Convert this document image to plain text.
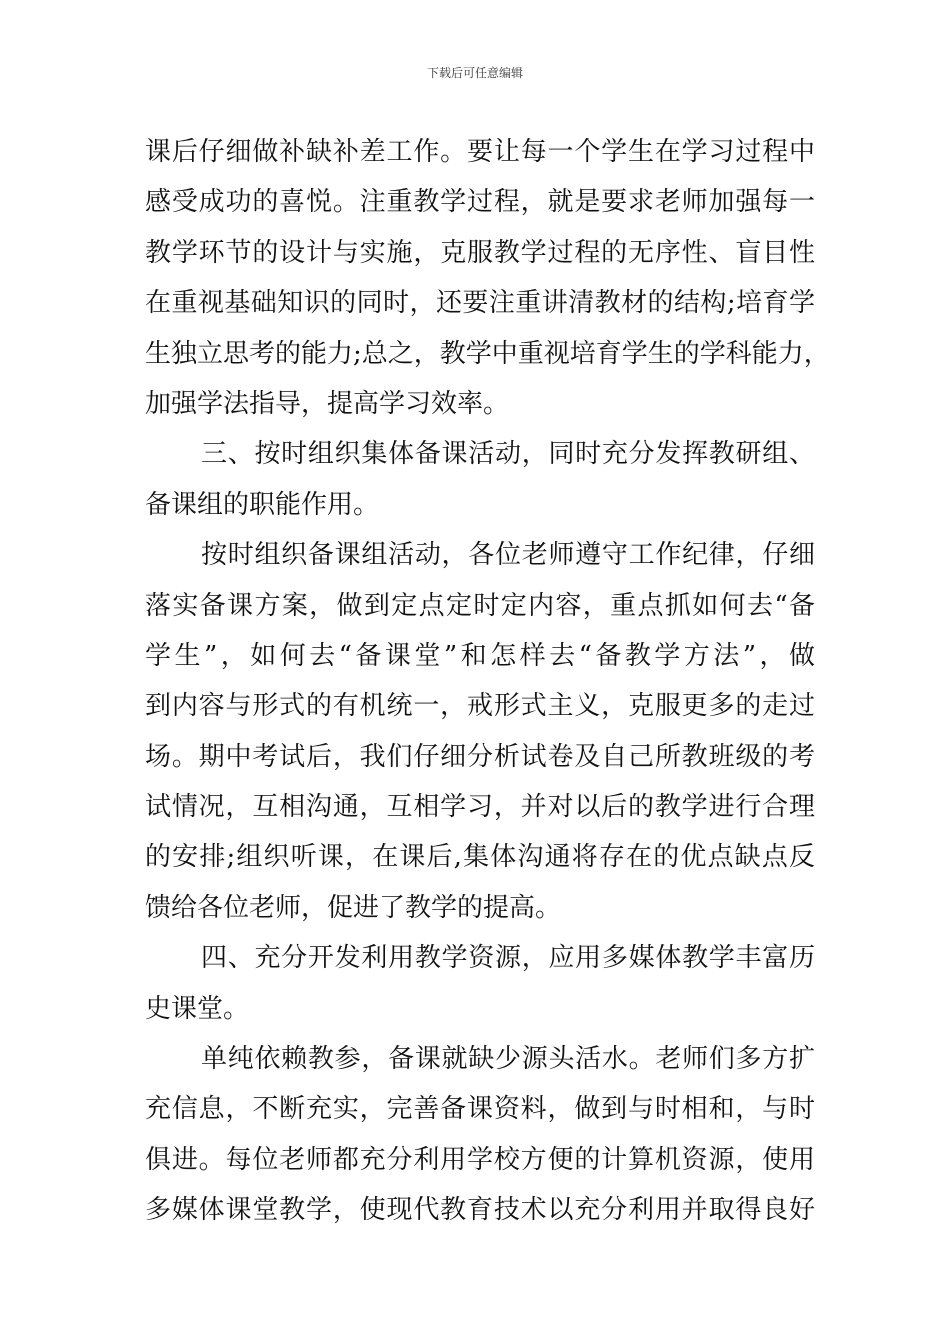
下载后可任意编辑
课后仔细做补缺补差工作。要让每一个学生在学习过程中
感受成功的喜悦。注重教学过程，就是要求老师加强每一
教学环节的设计与实施，克服教学过程的无序性、盲目性
在重视基础知识的同时，还要注重讲清教材的结构;培育学
生独立思考的能力;总之，教学中重视培育学生的学科能力，
加强学法指导，提高学习效率。
三、按时组织集体备课活动，同时充分发挥教研组、
备课组的职能作用。
按时组织备课组活动，各位老师遵守工作纪律，仔细
落实备课方案，做到定点定时定内容，重点抓如何去“备
学生”，如何去“备课堂”和怎样去“备教学方法”，做
到内容与形式的有机统一，戒形式主义，克服更多的走过
场。期中考试后，我们仔细分析试卷及自己所教班级的考
试情况，互相沟通，互相学习，并对以后的教学进行合理
的安排;组织听课，在课后,集体沟通将存在的优点缺点反
馈给各位老师，促进了教学的提高。
四、充分开发利用教学资源，应用多媒体教学丰富历
史课堂。
单纯依赖教参，备课就缺少源头活水。老师们多方扩
充信息，不断充实，完善备课资料，做到与时相和，与时
俱进。每位老师都充分利用学校方便的计算机资源，使用
多媒体课堂教学，使现代教育技术以充分利用并取得良好
